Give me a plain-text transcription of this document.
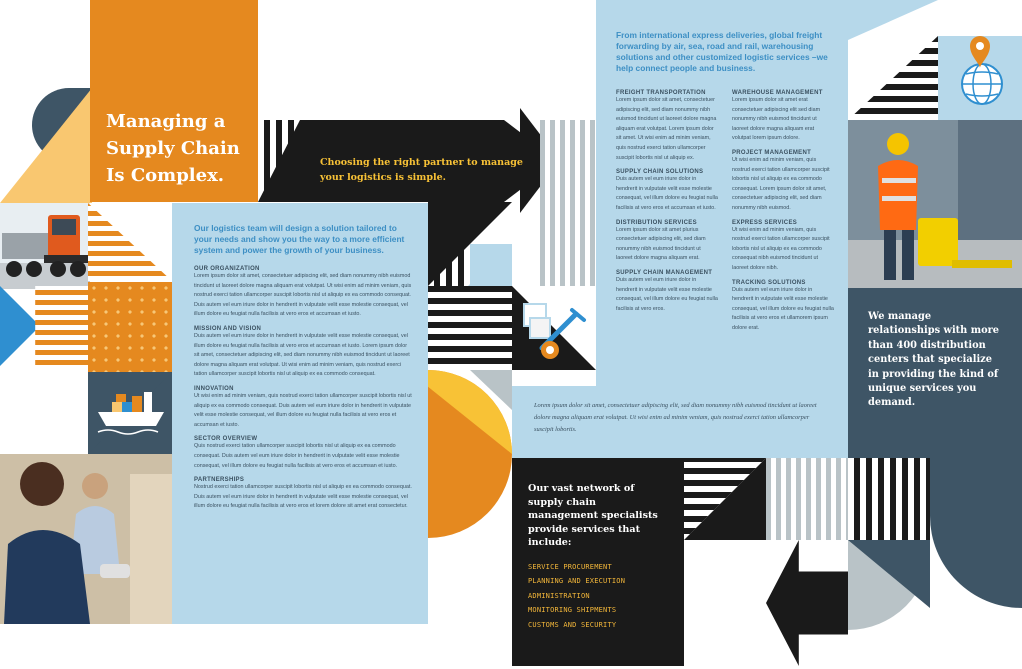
Managing a Supply Chain Is Complex.
Choosing the right partner to manage your logistics is simple.
Our logistics team will design a solution tailored to your needs and show you the way to a more efficient system and power the growth of your business.
OUR ORGANIZATION
Lorem ipsum dolor sit amet, consectetuer adipiscing elit, sed diam nonummy nibh euismod tincidunt ut laoreet dolore magna aliquam erat volutpat. Ut wisi enim ad minim veniam, quis nostrud exerci tation ullamcorper suscipit lobortis nisl ut aliquip ex ea commodo consequat. Duis autem vel eum iriure dolor in hendrerit in vulputate velit esse molestie consequat, vel illum dolore eu feugiat nulla facilisis at vero eros et accumsan et iusto.
MISSION AND VISION
Duis autem vel eum iriure dolor in hendrerit in vulputate velit esse molestie consequat, vel illum dolore eu feugiat nulla facilisis at vero eros et accumsan et iusto. Lorem ipsum dolor sit amet, consectetuer adipiscing elit, sed diam nonummy nibh euismod tincidunt ut laoreet dolore magna aliquam erat volutpat. Ut wisi enim ad minim veniam, quis nostrud exerci tation ullamcorper suscipit lobortis nisl ut aliquip ex ea commodo consequat.
INNOVATION
Ut wisi enim ad minim veniam, quis nostrud exerci tation ullamcorper suscipit lobortis nisl ut aliquip ex ea commodo consequat. Duis autem vel eum iriure dolor in hendrerit in vulputate velit esse molestie consequat, vel illum dolore eu feugiat nulla facilisis at vero eros et accumsan et iusto.
SECTOR OVERVIEW
Quis nostrud exerci tation ullamcorper suscipit lobortis nisl ut aliquip ex ea commodo consequat. Duis autem vel eum iriure dolor in hendrerit in vulputate velit esse molestie consequat, vel illum dolore eu feugiat nulla facilisis at vero eros et accumsan et iusto.
PARTNERSHIPS
Nostrud exerci tation ullamcorper suscipit lobortis nisl ut aliquip ex ea commodo consequat. Duis autem vel eum iriure dolor in hendrerit in vulputate velit esse molestie consequat, vel illum dolore eu feugiat nulla facilisis at vero eros et lorem dolore sit amet erat consectetur.
From international express deliveries, global freight forwarding by air, sea, road and rail, warehousing solutions and other customized logistic services –we help connect people and business.
FREIGHT TRANSPORTATION
Lorem ipsum dolor sit amet, consectetuer adipiscing elit, sed diam nonummy nibh euismod tincidunt ut laoreet dolore magna aliquam erat volutpat. Lorem ipsum dolor sit amet. Ut wisi enim ad minim veniam, quis nostrud exerci tation ullamcorper suscipit lobortis nisl ut aliquip ex.
SUPPLY CHAIN SOLUTIONS
Duis autem vel eum iriure dolor in hendrerit in vulputate velit esse molestie consequat, vel illum dolore eu feugiat nulla facilisis at vero eros et accumsan et iusto.
DISTRIBUTION SERVICES
Lorem ipsum dolor sit amet plurius consectetuer adipiscing elit, sed diam nonummy nibh euismod tincidunt ut laoreet dolore magna aliquam erat.
SUPPLY CHAIN MANAGEMENT
Duis autem vel eum iriure dolor in hendrerit in vulputate velit esse molestie consequat, vel illum dolore eu feugiat nulla facilisis at vero eros.
WAREHOUSE MANAGEMENT
Lorem ipsum dolor sit amet erat consectetuer adipiscing elit sed diam nonummy nibh euismod tincidunt ut laoreet dolore magna aliquam erat volutpat lorem ipsum dolore.
PROJECT MANAGEMENT
Ut wisi enim ad minim veniam, quis nostrud exerci tation ullamcorper suscipit lobortis nisl ut aliquip ex ea commodo consequat. Lorem ipsum dolor sit amet, consectetuer adipiscing elit, sed diam nonummy nibh euismod.
EXPRESS SERVICES
Ut wisi enim ad minim veniam, quis nostrud exerci tation ullamcorper suscipit lobortis nisl ut aliquip ex ea commodo consequat nibh euismod tincidunt ut laoreet dolore nibh.
TRACKING SOLUTIONS
Duis autem vel eum iriure dolor in hendrerit in vulputate velit esse molestie consequat, vel illum dolore eu feugiat nulla facilisis at vero eros et ullamorem ipsum dolore erat.
Lorem ipsum dolor sit amet, consectetuer adipiscing elit, sed diam nonummy nibh euismod tincidunt ut laoreet dolore magna aliquam erat volutpat. Ut wisi enim ad minim veniam, quis nostrud exerci tation ullamcorper suscipit lobortis.
Our vast network of supply chain management specialists provide services that include:
SERVICE PROCUREMENT
PLANNING AND EXECUTION
ADMINISTRATION
MONITORING SHIPMENTS
CUSTOMS AND SECURITY
We manage relationships with more than 400 distribution centers that specialize in providing the kind of unique services you demand.
